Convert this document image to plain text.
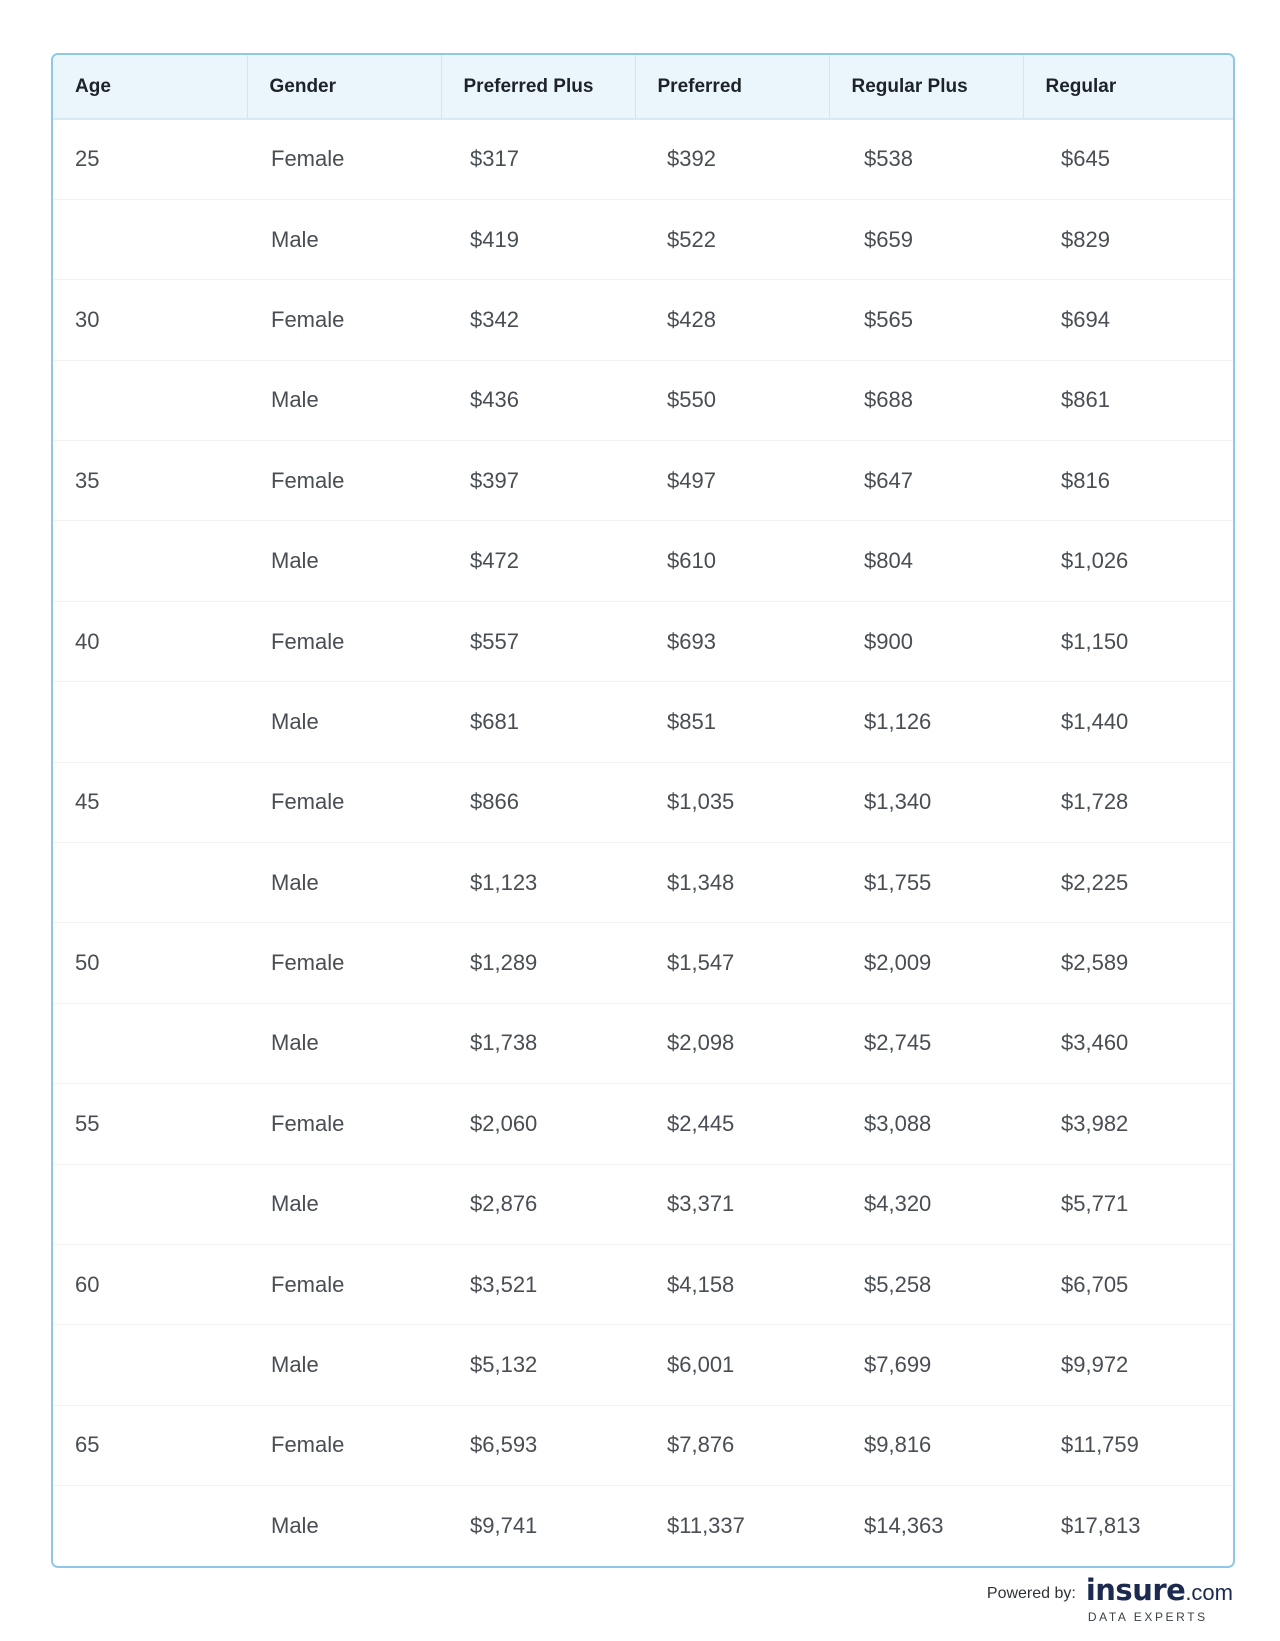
Age	Gender	Preferred Plus	Preferred	Regular Plus	Regular
25	Female	$317	$392	$538	$645
	Male	$419	$522	$659	$829
30	Female	$342	$428	$565	$694
	Male	$436	$550	$688	$861
35	Female	$397	$497	$647	$816
	Male	$472	$610	$804	$1,026
40	Female	$557	$693	$900	$1,150
	Male	$681	$851	$1,126	$1,440
45	Female	$866	$1,035	$1,340	$1,728
	Male	$1,123	$1,348	$1,755	$2,225
50	Female	$1,289	$1,547	$2,009	$2,589
	Male	$1,738	$2,098	$2,745	$3,460
55	Female	$2,060	$2,445	$3,088	$3,982
	Male	$2,876	$3,371	$4,320	$5,771
60	Female	$3,521	$4,158	$5,258	$6,705
	Male	$5,132	$6,001	$7,699	$9,972
65	Female	$6,593	$7,876	$9,816	$11,759
	Male	$9,741	$11,337	$14,363	$17,813
Powered by: insure .com
DATA EXPERTS
